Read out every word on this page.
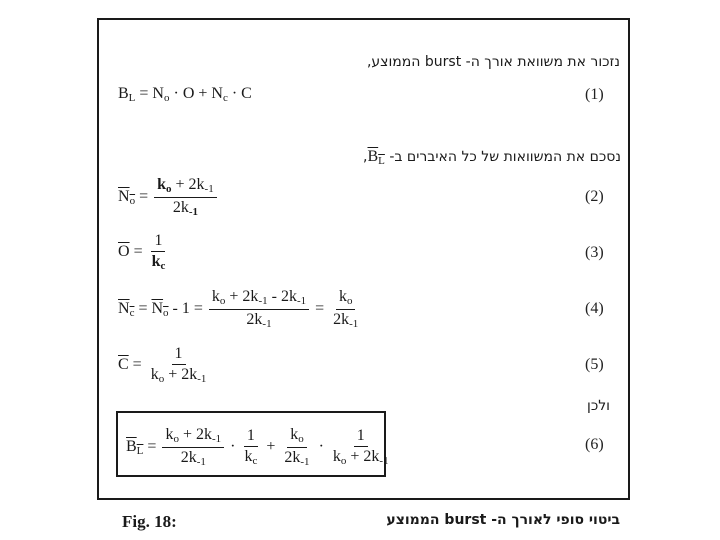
נזכור את משוואת אורך ה- burst הממוצע,
$B_L = N_o \cdot O + N_c \cdot C$	(1)
נסכם את המשוואות של כל האיברים ב- $B_L$,
$N_o = \frac{k_o + 2k_{-1}}{2k_{-1}}$	(2)
$\overline{O} = \frac{1}{k_c}$	(3)
$N_c = N_o - 1 = \frac{k_o + 2k_{-1} - 2k_{-1}}{2k_{-1}} = \frac{k_o}{2k_{-1}}$	(4)
$\overline{C} = \frac{1}{k_o + 2k_{-1}}$	(5)
ולכן
$B_L = \frac{k_o + 2k_{-1}}{2k_{-1}} \cdot \frac{1}{k_c} + \frac{k_o}{2k_{-1}} \cdot \frac{1}{k_o + 2k_{-1}}$	(6)
Fig. 18:	ביטוי סופי לאורך ה- burst הממוצע
